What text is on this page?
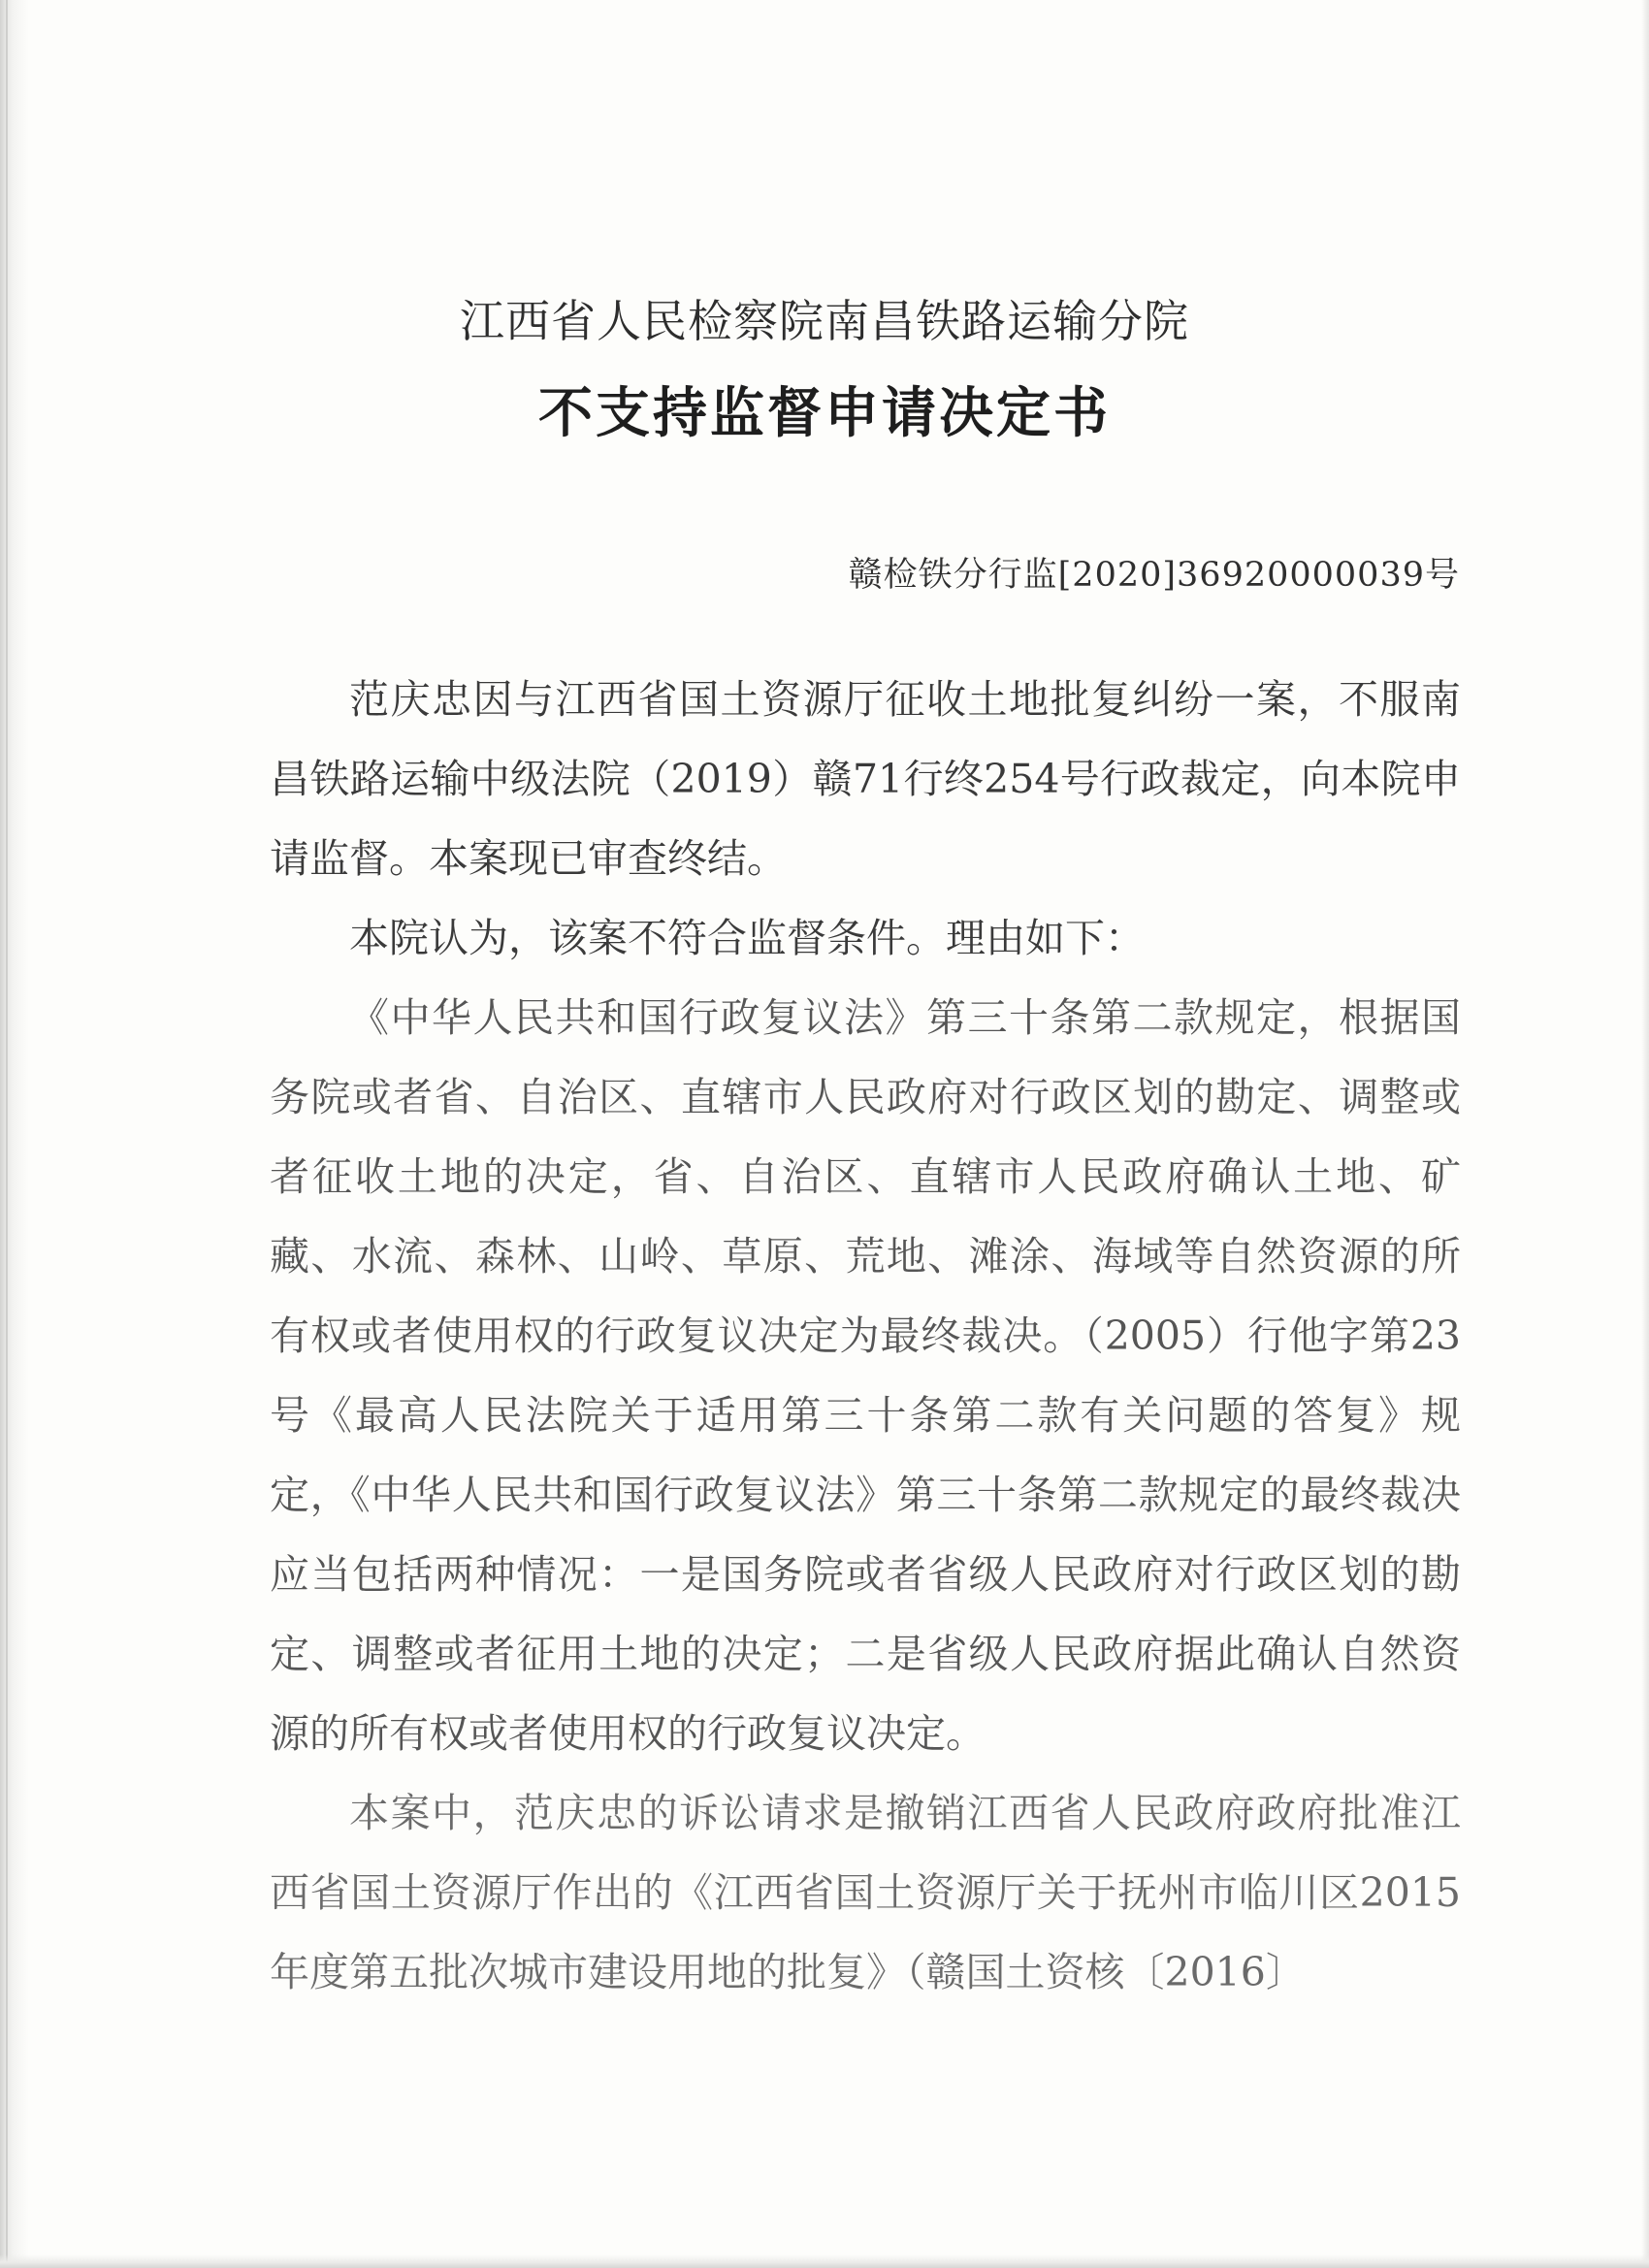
江西省人民检察院南昌铁路运输分院
不支持监督申请决定书
赣检铁分行监[2020]36920000039号

范庆忠因与江西省国土资源厅征收土地批复纠纷一案，不服南昌铁路运输中级法院（2019）赣71行终254号行政裁定，向本院申请监督。本案现已审查终结。

本院认为，该案不符合监督条件。理由如下：

《中华人民共和国行政复议法》第三十条第二款规定，根据国务院或者省、自治区、直辖市人民政府对行政区划的勘定、调整或者征收土地的决定，省、自治区、直辖市人民政府确认土地、矿藏、水流、森林、山岭、草原、荒地、滩涂、海域等自然资源的所有权或者使用权的行政复议决定为最终裁决。（2005）行他字第23号《最高人民法院关于适用第三十条第二款有关问题的答复》规定，《中华人民共和国行政复议法》第三十条第二款规定的最终裁决应当包括两种情况：一是国务院或者省级人民政府对行政区划的勘定、调整或者征用土地的决定；二是省级人民政府据此确认自然资源的所有权或者使用权的行政复议决定。

本案中，范庆忠的诉讼请求是撤销江西省人民政府政府批准江西省国土资源厅作出的《江西省国土资源厅关于抚州市临川区2015年度第五批次城市建设用地的批复》（赣国土资核〔2016〕
